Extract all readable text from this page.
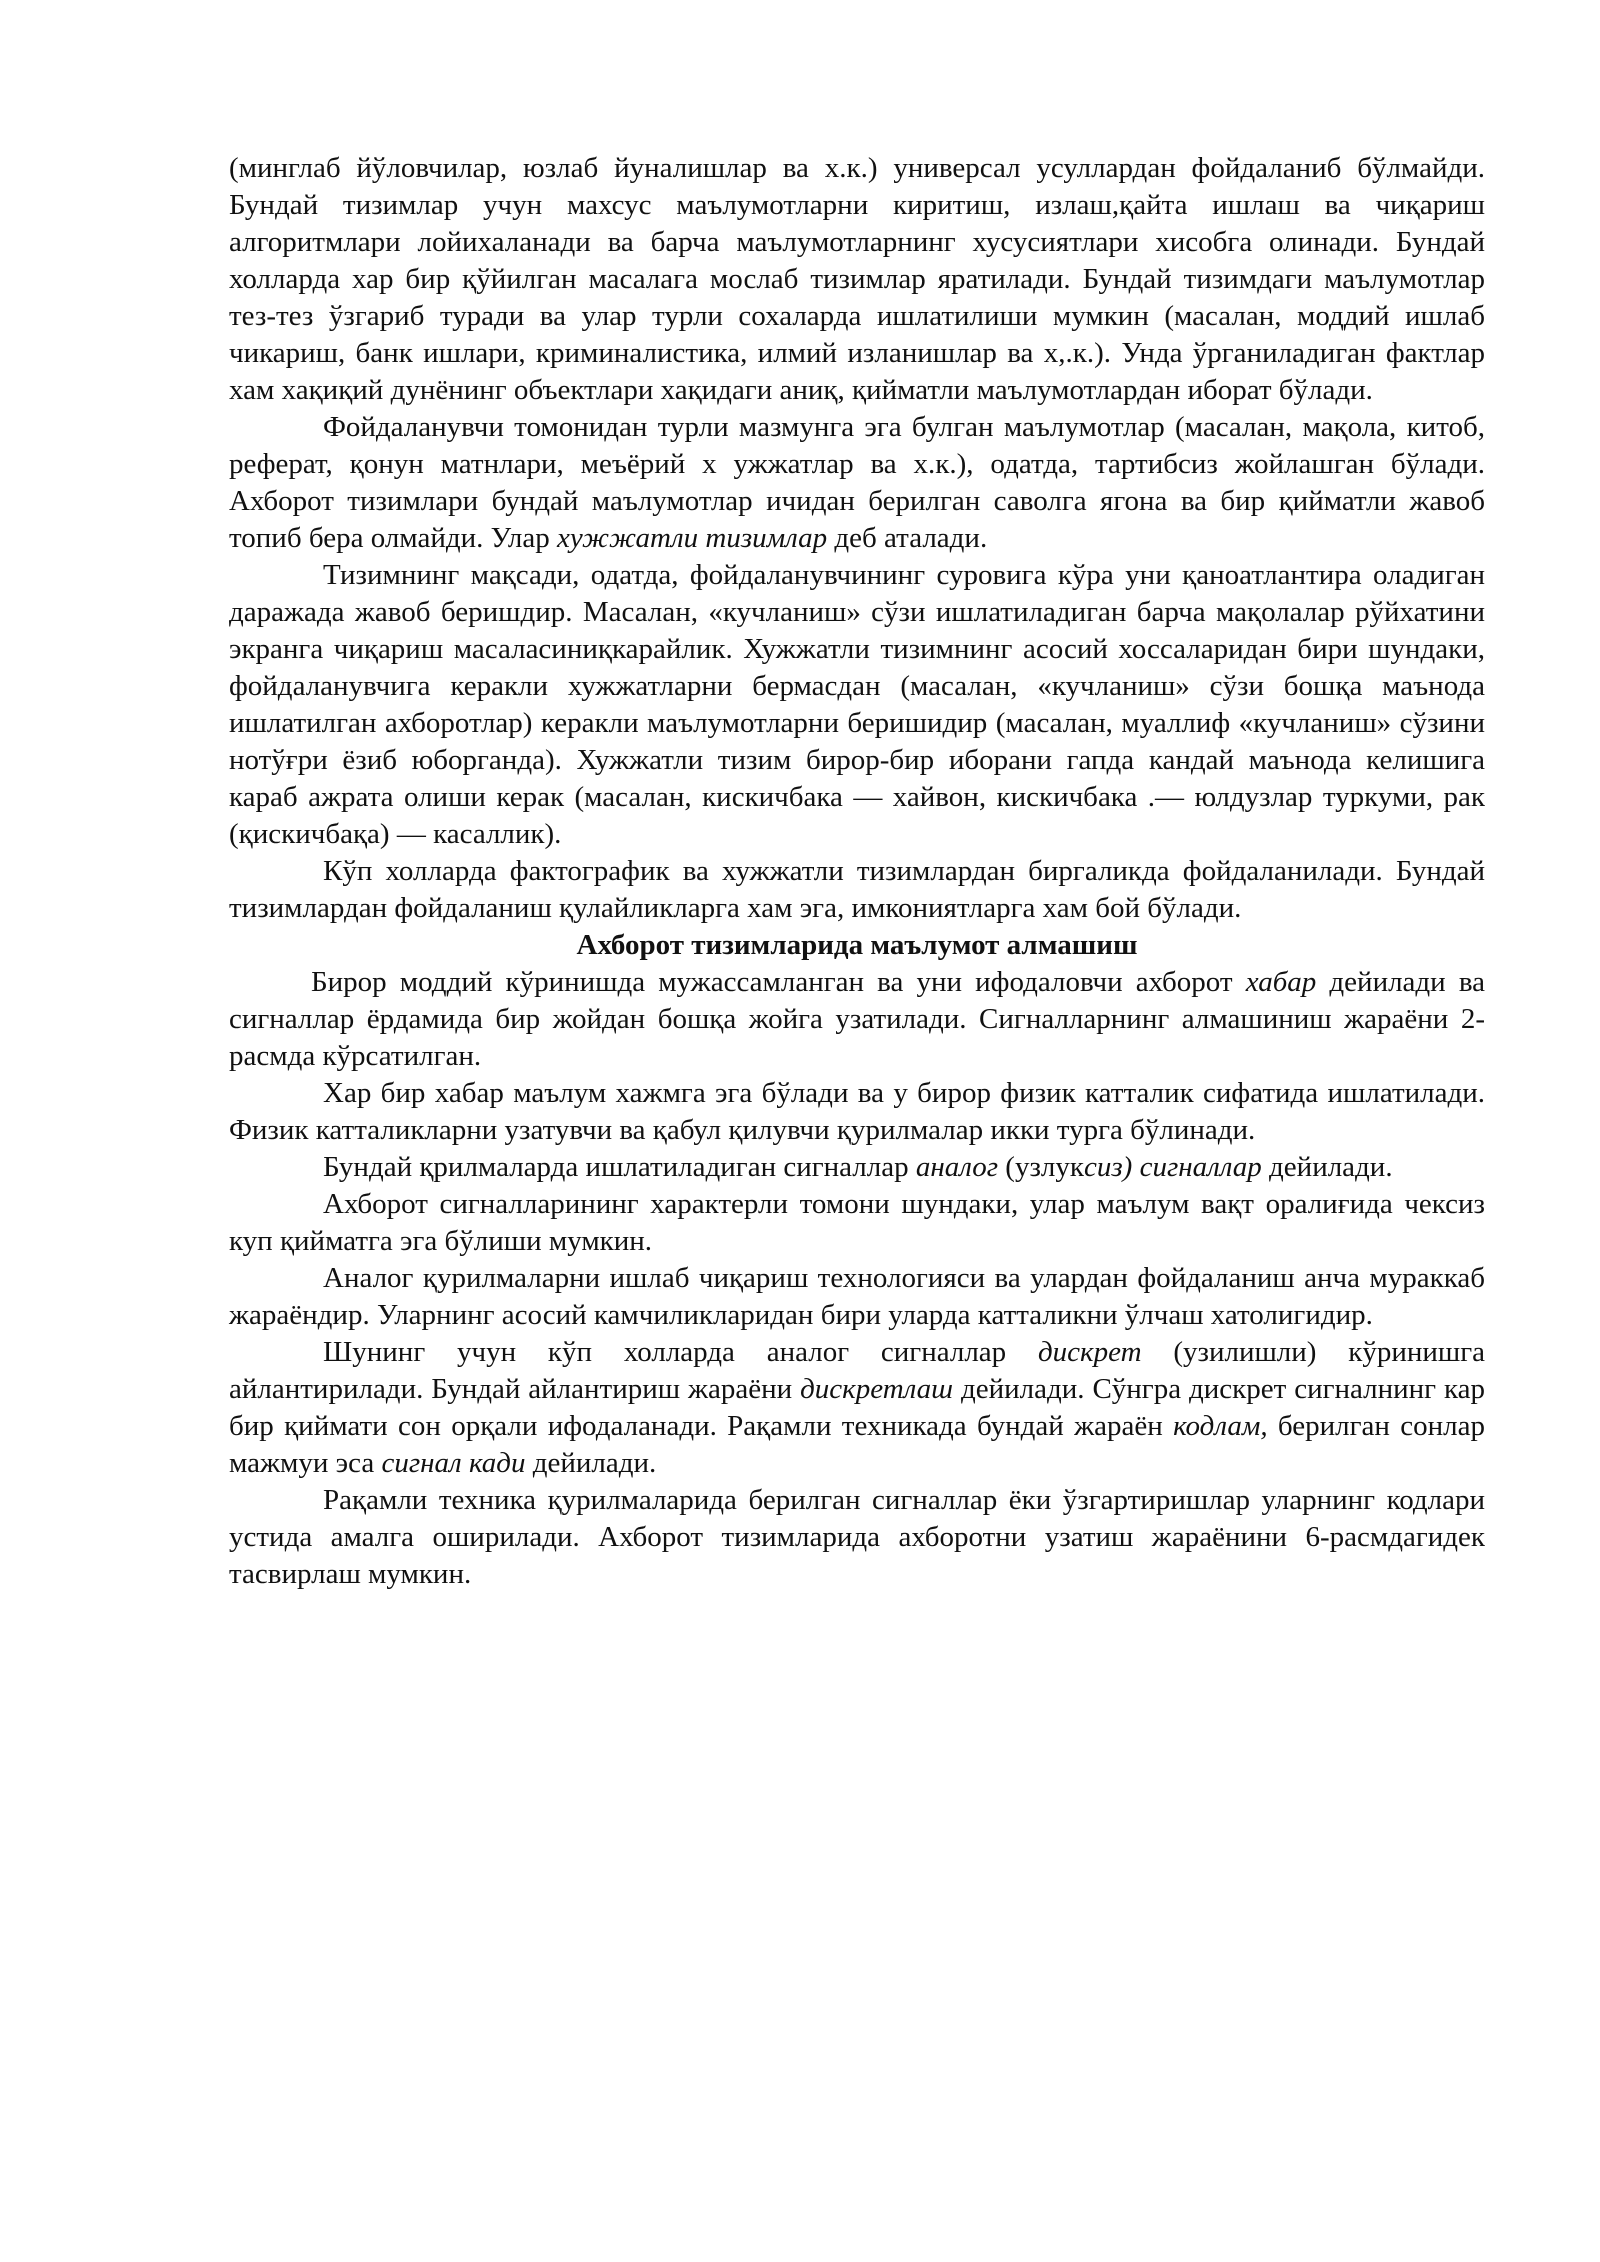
(минглаб йўловчилар, юзлаб йуналишлар ва х.к.) универсал усуллардан фойдаланиб бўлмайди. Бундай тизимлар учун махсус маълумотларни киритиш, излаш,қайта ишлаш ва чиқариш алгоритмлари лойихаланади ва барча маълумотларнинг хусусиятлари хисобга олинади. Бундай холларда хар бир қўйилган масалага мослаб тизимлар яратилади. Бундай тизимдаги маълумотлар тез-тез ўзгариб туради ва улар турли сохаларда ишлатилиши мумкин (масалан, моддий ишлаб чикариш, банк ишлари, криминалистика, илмий изланишлар ва х,.к.). Унда ўрганиладиган фактлар хам хақиқий дунёнинг объектлари хақидаги аниқ, қийматли маълумотлардан иборат бўлади.

Фойдаланувчи томонидан турли мазмунга эга булган маълумотлар (масалан, мақола, китоб, реферат, қонун матнлари, меъёрий х ужжатлар ва х.к.), одатда, тартибсиз жойлашган бўлади. Ахборот тизимлари бундай маълумотлар ичидан берилган саволга ягона ва бир қийматли жавоб топиб бера олмайди. Улар хужжатли тизимлар деб аталади.

Тизимнинг мақсади, одатда, фойдаланувчининг суровига кўра уни қаноатлантира оладиган даражада жавоб беришдир. Масалан, «кучланиш» сўзи ишлатиладиган барча мақолалар рўйхатини экранга чиқариш масаласиниқкарайлик. Хужжатли тизимнинг асосий хоссаларидан бири шундаки, фойдаланувчига керакли хужжатларни бермасдан (масалан, «кучланиш» сўзи бошқа маънода ишлатилган ахборотлар) керакли маълумотларни беришидир (масалан, муаллиф «кучланиш» сўзини нотўғри ёзиб юборганда). Хужжатли тизим бирор-бир иборани гапда кандай маънода келишига караб ажрата олиши керак (масалан, кискичбака — хайвон, кискичбака .— юлдузлар туркуми, рак (қискичбақа) — касаллик).

Кўп холларда фактографик ва хужжатли тизимлардан биргаликда фойдаланилади. Бундай тизимлардан фойдаланиш қулайликларга хам эга, имкониятларга хам бой бўлади.

Ахборот тизимларида маълумот алмашиш

Бирор моддий кўринишда мужассамланган ва уни ифодаловчи ахборот хабар дейилади ва сигналлар ёрдамида бир жойдан бошқа жойга узатилади. Сигналларнинг алмашиниш жараёни 2- расмда кўрсатилган.

Хар бир хабар маълум хажмга эга бўлади ва у бирор физик катталик сифатида ишлатилади. Физик катталикларни узатувчи ва қабул қилувчи қурилмалар икки турга бўлинади.

Бундай қрилмаларда ишлатиладиган сигналлар аналог (узлуксиз) сигналлар дейилади.

Ахборот сигналларининг характерли томони шундаки, улар маълум вақт оралиғида чексиз куп қийматга эга бўлиши мумкин.

Аналог қурилмаларни ишлаб чиқариш технологияси ва улардан фойдаланиш анча мураккаб жараёндир. Уларнинг асосий камчиликларидан бири уларда катталикни ўлчаш хатолигидир.

Шунинг учун кўп холларда аналог сигналлар дискрет (узилишли) кўринишга айлантирилади. Бундай айлантириш жараёни дискретлаш дейилади. Сўнгра дискрет сигналнинг кар бир қиймати сон орқали ифодаланади. Рақамли техникада бундай жараён кодлам, берилган сонлар мажмуи эса сигнал кади дейилади.

Рақамли техника қурилмаларида берилган сигналлар ёки ўзгартиришлар уларнинг кодлари устида амалга оширилади. Ахборот тизимларида ахборотни узатиш жараёнини 6-расмдагидек тасвирлаш мумкин.
